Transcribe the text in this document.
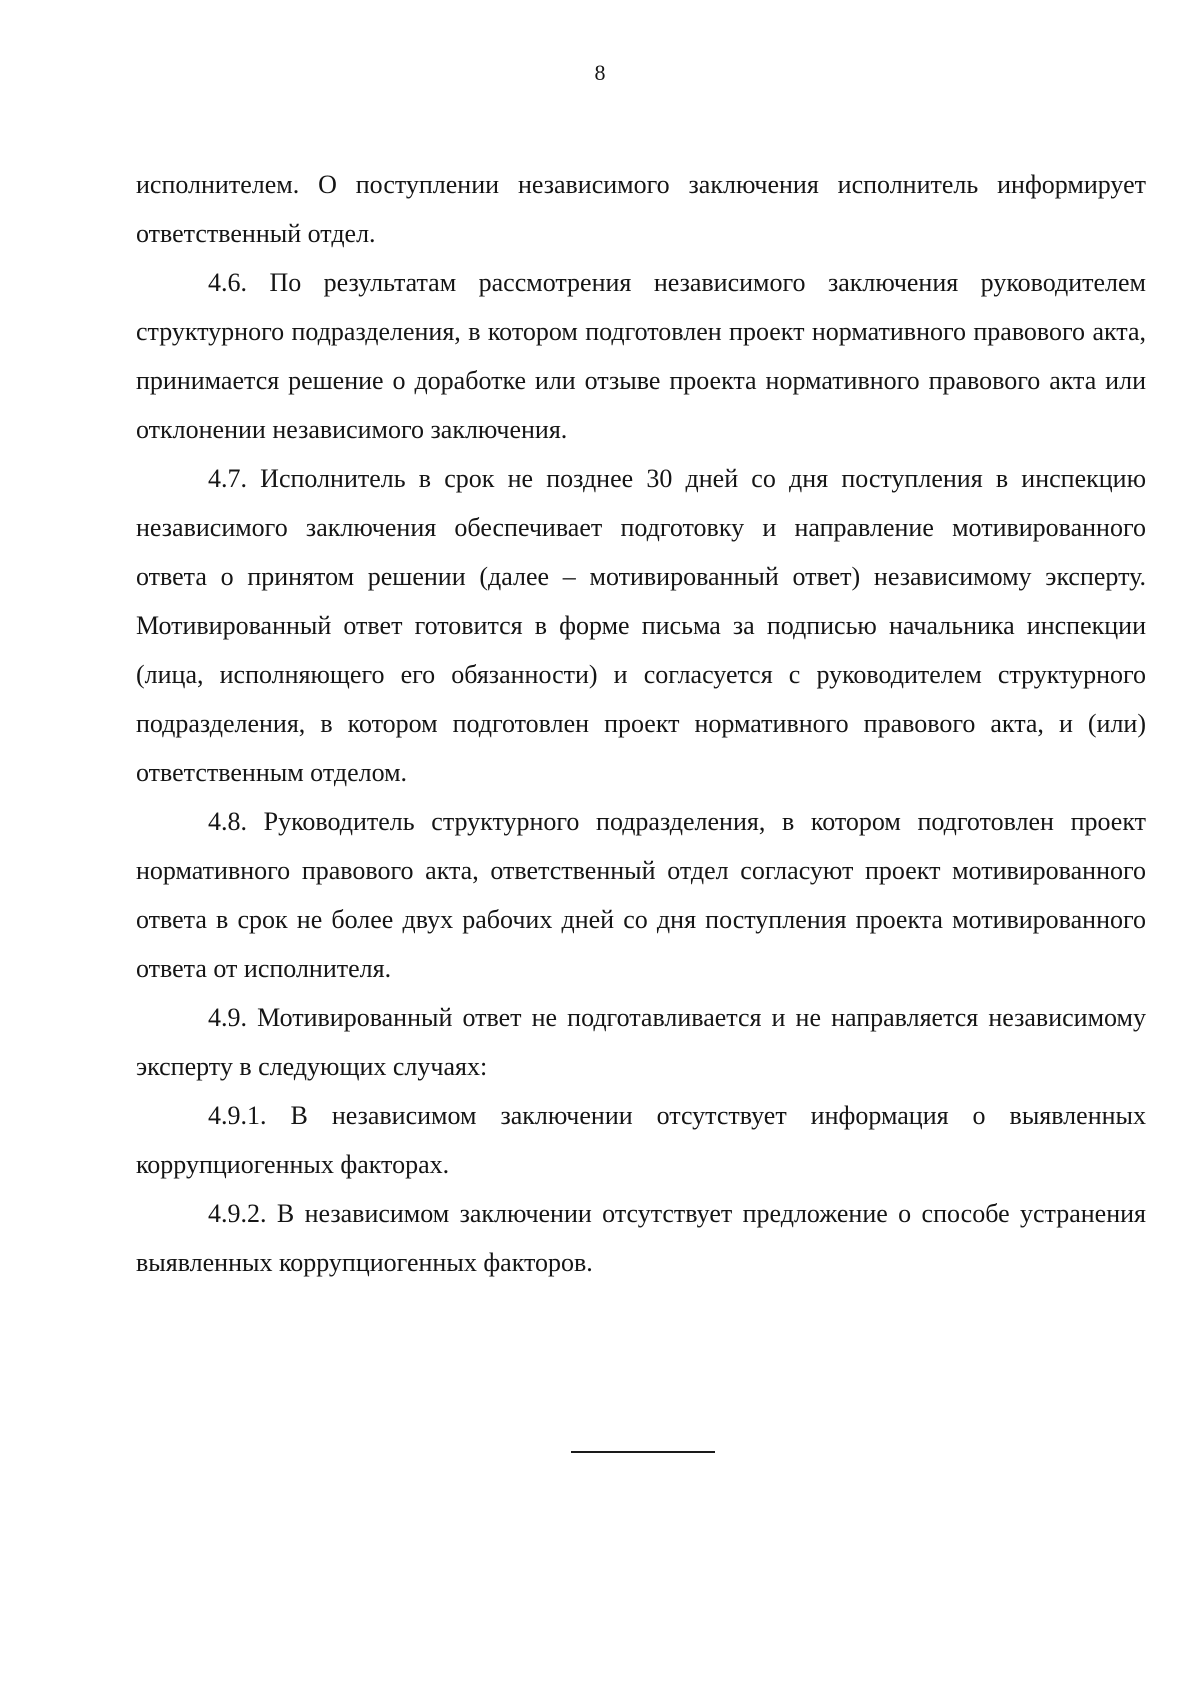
8

исполнителем. О поступлении независимого заключения исполнитель информирует ответственный отдел.

4.6. По результатам рассмотрения независимого заключения руководителем структурного подразделения, в котором подготовлен проект нормативного правового акта, принимается решение о доработке или отзыве проекта нормативного правового акта или отклонении независимого заключения.

4.7. Исполнитель в срок не позднее 30 дней со дня поступления в инспекцию независимого заключения обеспечивает подготовку и направление мотивированного ответа о принятом решении (далее – мотивированный ответ) независимому эксперту. Мотивированный ответ готовится в форме письма за подписью начальника инспекции (лица, исполняющего его обязанности) и согласуется с руководителем структурного подразделения, в котором подготовлен проект нормативного правового акта, и (или) ответственным отделом.

4.8. Руководитель структурного подразделения, в котором подготовлен проект нормативного правового акта, ответственный отдел согласуют проект мотивированного ответа в срок не более двух рабочих дней со дня поступления проекта мотивированного ответа от исполнителя.

4.9. Мотивированный ответ не подготавливается и не направляется независимому эксперту в следующих случаях:

4.9.1. В независимом заключении отсутствует информация о выявленных коррупциогенных факторах.

4.9.2. В независимом заключении отсутствует предложение о способе устранения выявленных коррупциогенных факторов.
